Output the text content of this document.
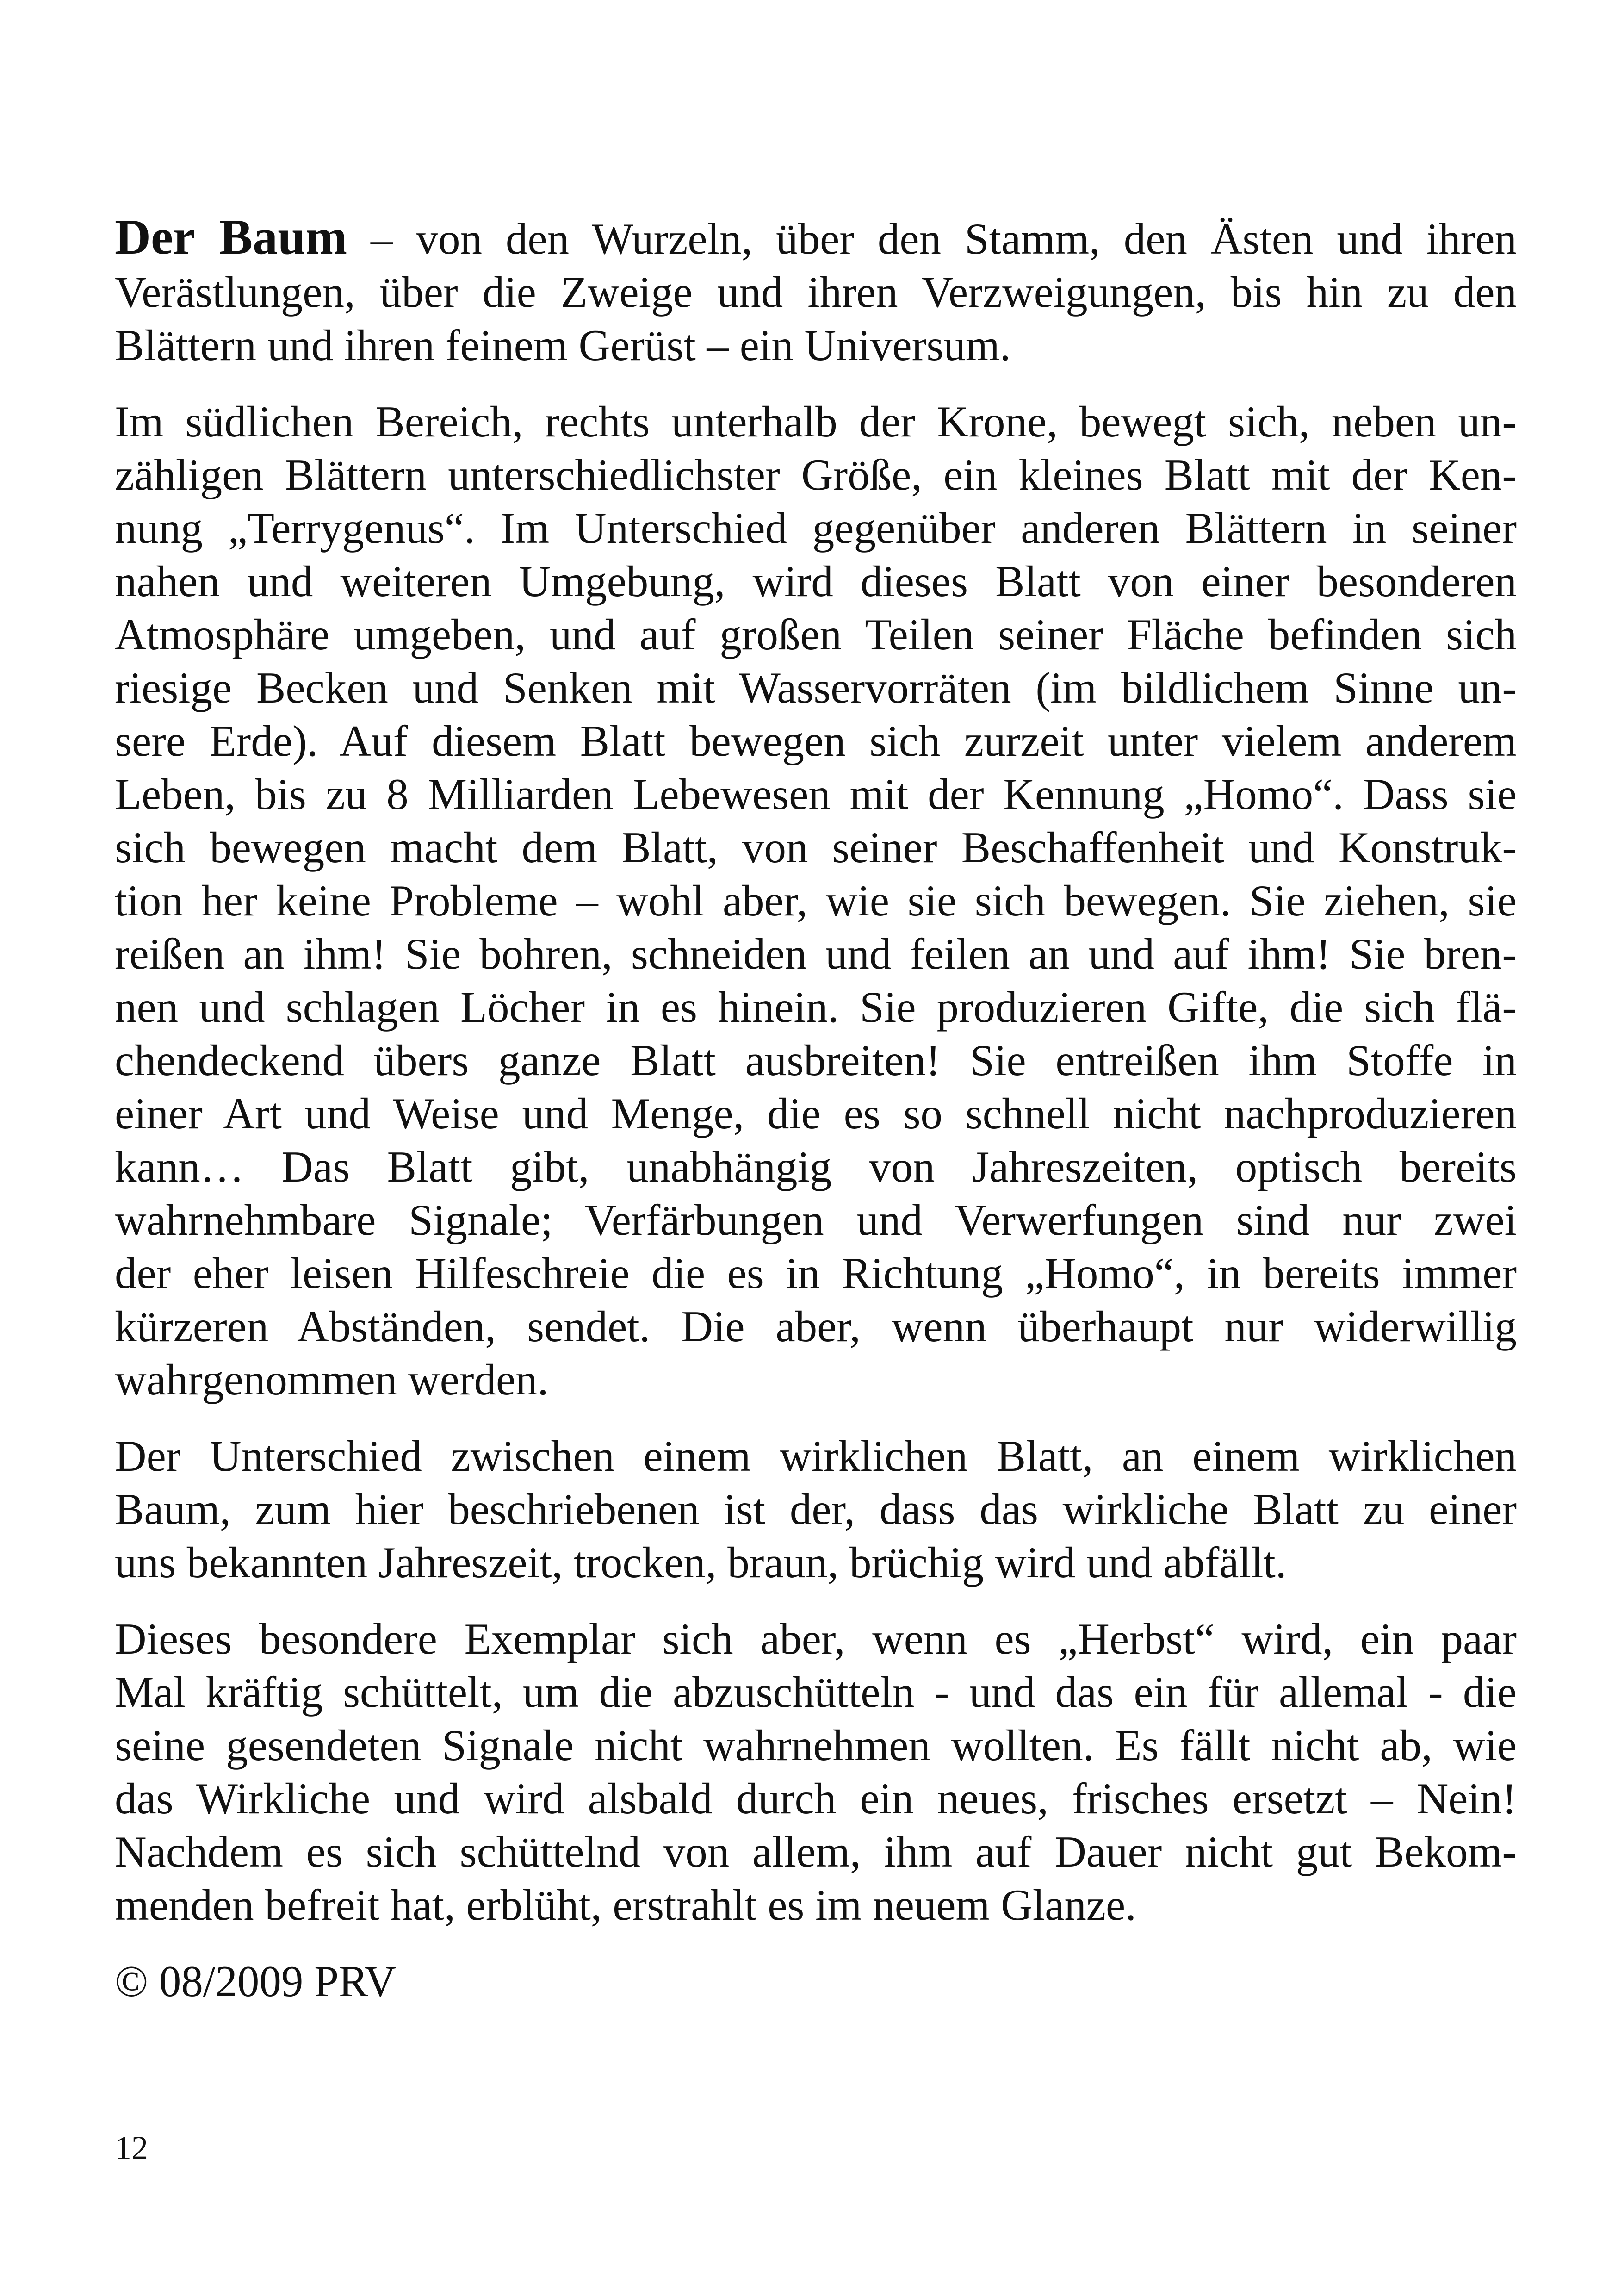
Der Baum – von den Wurzeln, über den Stamm, den Ästen und ihren
Verästlungen, über die Zweige und ihren Verzweigungen, bis hin zu den
Blättern und ihren feinem Gerüst – ein Universum.
Im südlichen Bereich, rechts unterhalb der Krone, bewegt sich, neben un-
zähligen Blättern unterschiedlichster Größe, ein kleines Blatt mit der Ken-
nung „Terrygenus“. Im Unterschied gegenüber anderen Blättern in seiner
nahen und weiteren Umgebung, wird dieses Blatt von einer besonderen
Atmosphäre umgeben, und auf großen Teilen seiner Fläche befinden sich
riesige Becken und Senken mit Wasservorräten (im bildlichem Sinne un-
sere Erde). Auf diesem Blatt bewegen sich zurzeit unter vielem anderem
Leben, bis zu 8 Milliarden Lebewesen mit der Kennung „Homo“. Dass sie
sich bewegen macht dem Blatt, von seiner Beschaffenheit und Konstruk-
tion her keine Probleme – wohl aber, wie sie sich bewegen. Sie ziehen, sie
reißen an ihm! Sie bohren, schneiden und feilen an und auf ihm! Sie bren-
nen und schlagen Löcher in es hinein. Sie produzieren Gifte, die sich flä-
chendeckend übers ganze Blatt ausbreiten! Sie entreißen ihm Stoffe in
einer Art und Weise und Menge, die es so schnell nicht nachproduzieren
kann… Das Blatt gibt, unabhängig von Jahreszeiten, optisch bereits
wahrnehmbare Signale; Verfärbungen und Verwerfungen sind nur zwei
der eher leisen Hilfeschreie die es in Richtung „Homo“, in bereits immer
kürzeren Abständen, sendet. Die aber, wenn überhaupt nur widerwillig
wahrgenommen werden.
Der Unterschied zwischen einem wirklichen Blatt, an einem wirklichen
Baum, zum hier beschriebenen ist der, dass das wirkliche Blatt zu einer
uns bekannten Jahreszeit, trocken, braun, brüchig wird und abfällt.
Dieses besondere Exemplar sich aber, wenn es „Herbst“ wird, ein paar
Mal kräftig schüttelt, um die abzuschütteln - und das ein für allemal - die
seine gesendeten Signale nicht wahrnehmen wollten. Es fällt nicht ab, wie
das Wirkliche und wird alsbald durch ein neues, frisches ersetzt – Nein!
Nachdem es sich schüttelnd von allem, ihm auf Dauer nicht gut Bekom-
menden befreit hat, erblüht, erstrahlt es im neuem Glanze.
© 08/2009 PRV
12
